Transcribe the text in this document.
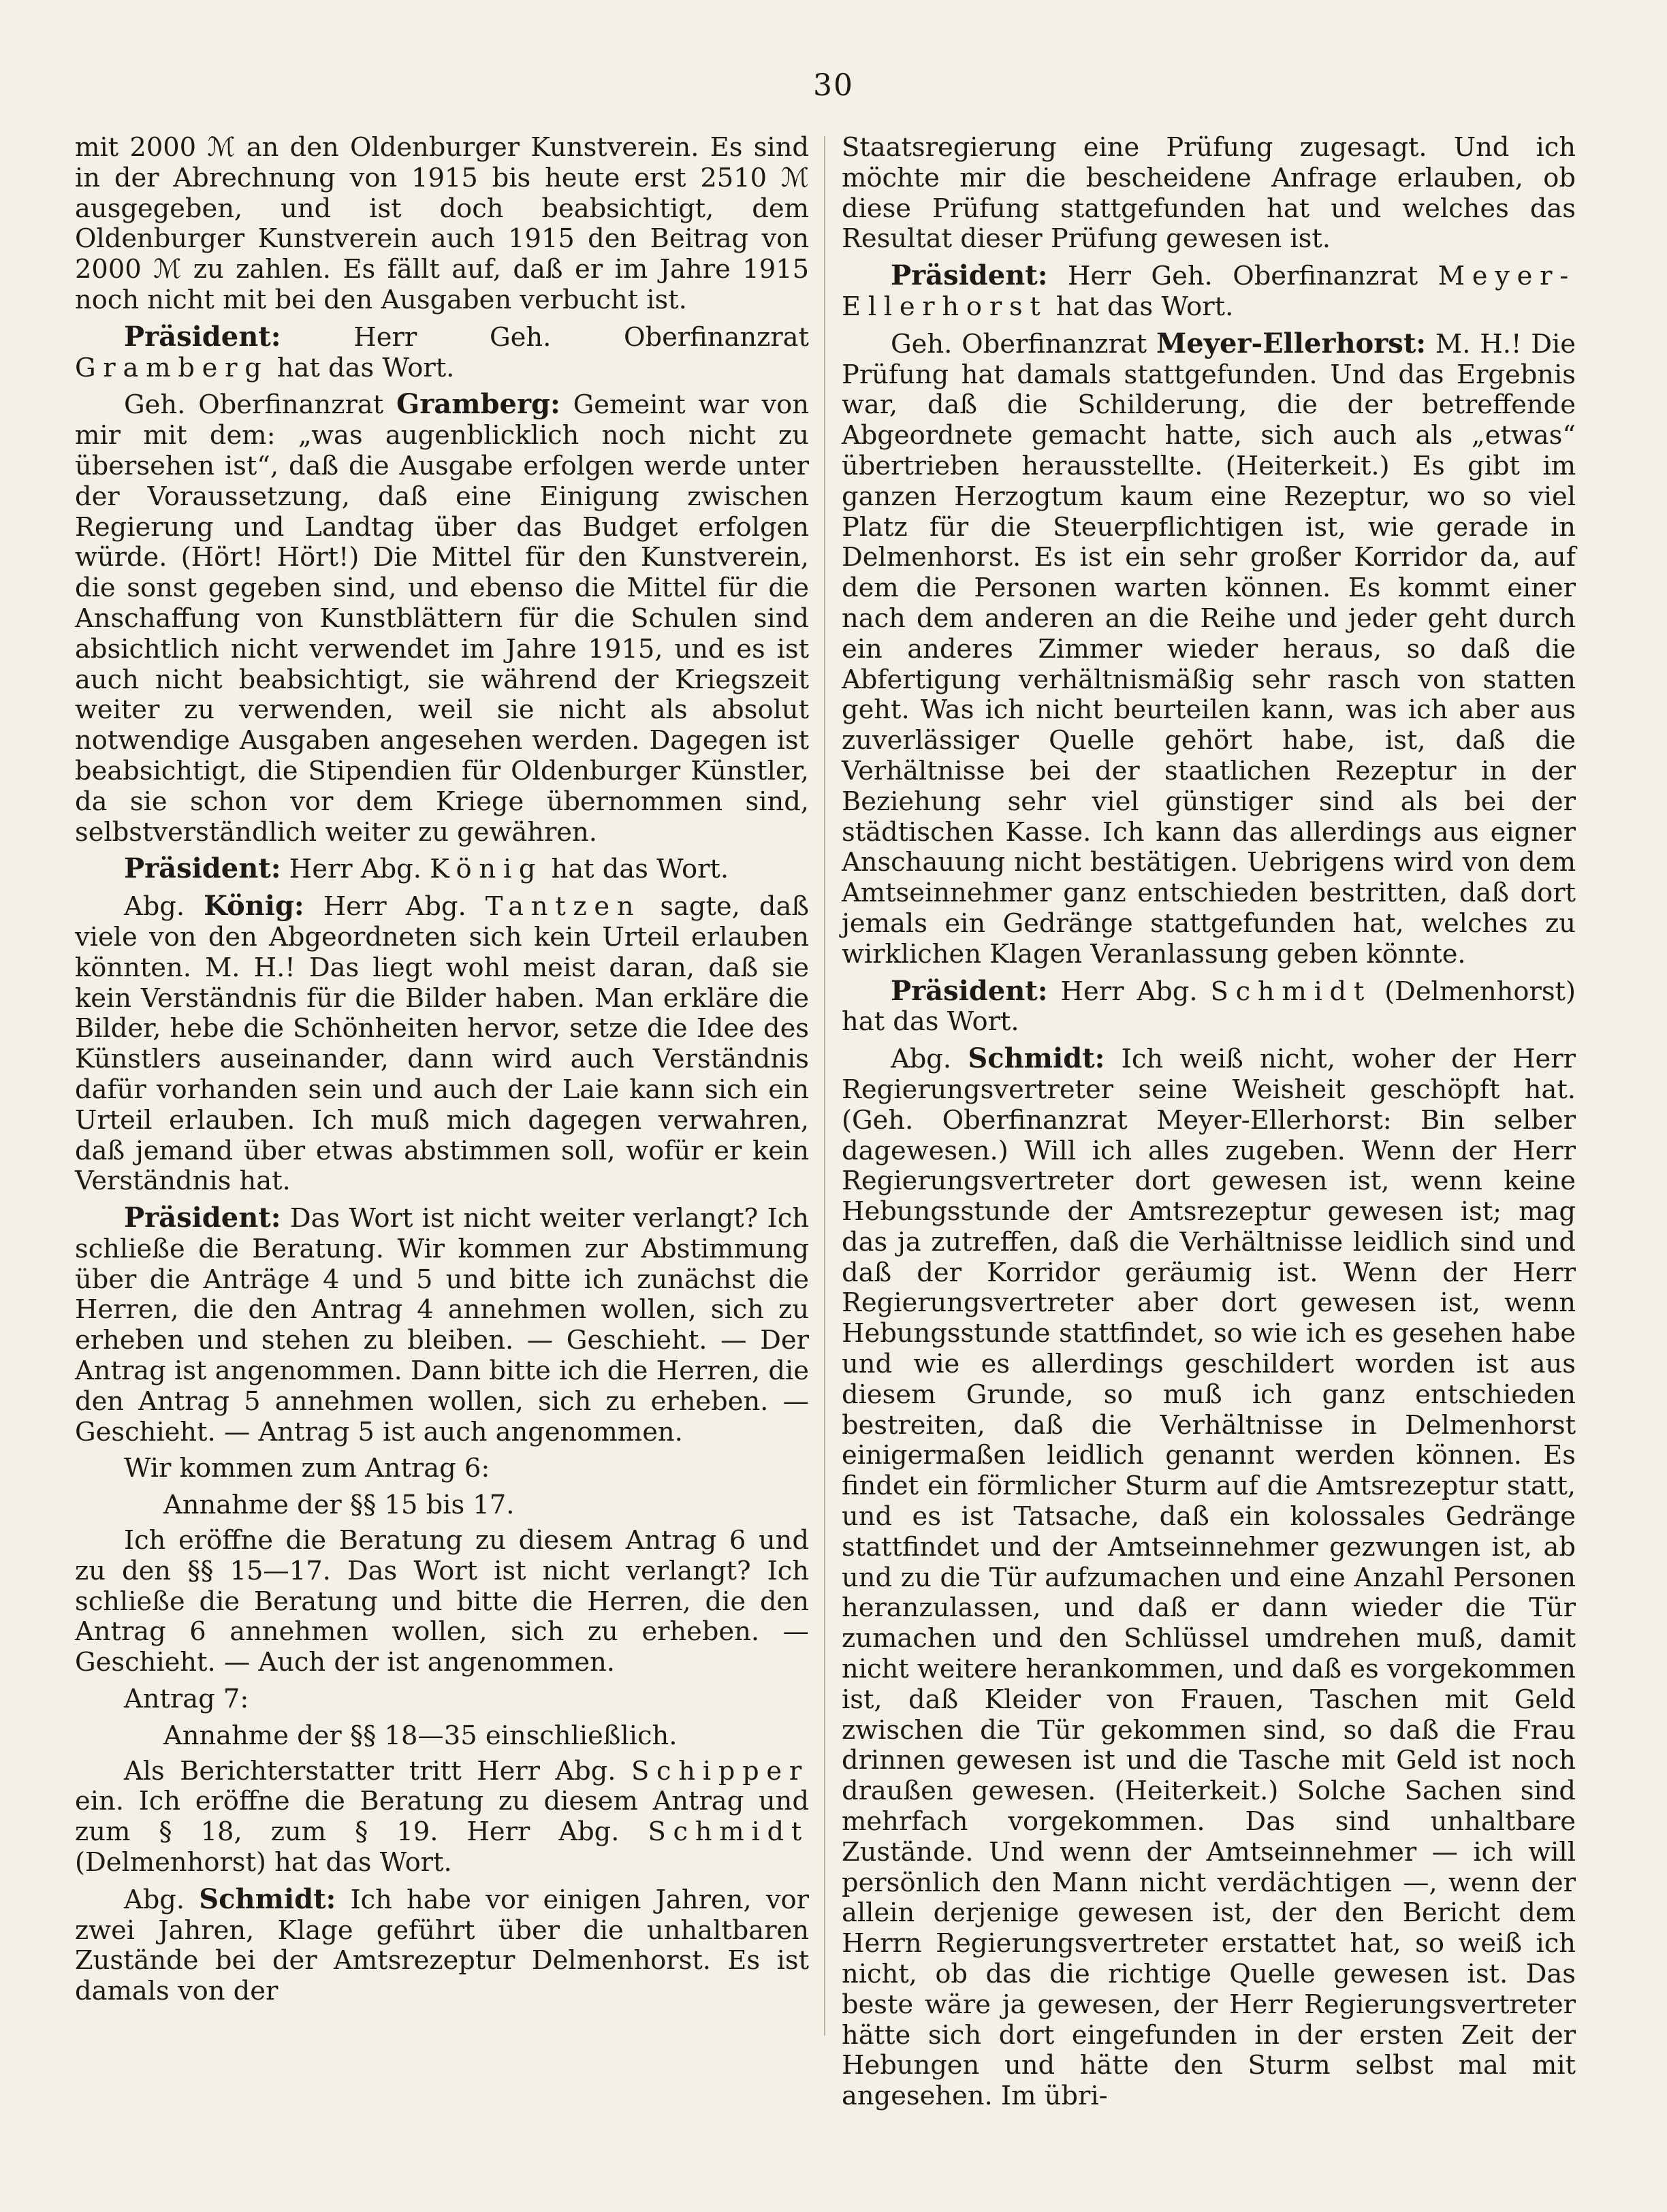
30

mit 2000 ℳ an den Oldenburger Kunstverein. Es sind in der Abrechnung von 1915 bis heute erst 2510 ℳ ausgegeben, und ist doch beabsichtigt, dem Oldenburger Kunstverein auch 1915 den Beitrag von 2000 ℳ zu zahlen. Es fällt auf, daß er im Jahre 1915 noch nicht mit bei den Ausgaben verbucht ist.

Präsident:	Herr Geh. Oberfinanzrat Gramberg hat das Wort.

Geh. Oberfinanzrat Gramberg: Gemeint war von mir mit dem: „was augenblicklich noch nicht zu übersehen ist“, daß die Ausgabe erfolgen werde unter der Voraussetzung, daß eine Einigung zwischen Regierung und Landtag über das Budget erfolgen würde. (Hört! Hört!) Die Mittel für den Kunstverein, die sonst gegeben sind, und ebenso die Mittel für die Anschaffung von Kunstblättern für die Schulen sind absichtlich nicht verwendet im Jahre 1915, und es ist auch nicht beabsichtigt, sie während der Kriegszeit weiter zu verwenden, weil sie nicht als absolut notwendige Ausgaben angesehen werden. Dagegen ist beabsichtigt, die Stipendien für Oldenburger Künstler, da sie schon vor dem Kriege übernommen sind, selbstverständlich weiter zu gewähren.

Präsident: Herr Abg. König hat das Wort.

Abg. König: Herr Abg. Tantzen sagte, daß viele von den Abgeordneten sich kein Urteil erlauben könnten. M. H.! Das liegt wohl meist daran, daß sie kein Verständnis für die Bilder haben. Man erkläre die Bilder, hebe die Schönheiten hervor, setze die Idee des Künstlers auseinander, dann wird auch Verständnis dafür vorhanden sein und auch der Laie kann sich ein Urteil erlauben. Ich muß mich dagegen verwahren, daß jemand über etwas abstimmen soll, wofür er kein Verständnis hat.

Präsident: Das Wort ist nicht weiter verlangt? Ich schließe die Beratung. Wir kommen zur Abstimmung über die Anträge 4 und 5 und bitte ich zunächst die Herren, die den Antrag 4 annehmen wollen, sich zu erheben und stehen zu bleiben. — Geschieht. — Der Antrag ist angenommen. Dann bitte ich die Herren, die den Antrag 5 annehmen wollen, sich zu erheben. — Geschieht. — Antrag 5 ist auch angenommen.

Wir kommen zum Antrag 6:

Annahme der §§ 15 bis 17.

Ich eröffne die Beratung zu diesem Antrag 6 und zu den §§ 15—17. Das Wort ist nicht verlangt? Ich schließe die Beratung und bitte die Herren, die den Antrag 6 annehmen wollen, sich zu erheben. — Geschieht. — Auch der ist angenommen.

Antrag 7:

Annahme der §§ 18—35 einschließlich.

Als Berichterstatter tritt Herr Abg. Schipper ein. Ich eröffne die Beratung zu diesem Antrag und zum § 18, zum § 19. Herr Abg. Schmidt (Delmenhorst) hat das Wort.

Abg. Schmidt: Ich habe vor einigen Jahren, vor zwei Jahren, Klage geführt über die unhaltbaren Zustände bei der Amtsrezeptur Delmenhorst. Es ist damals von der

Staatsregierung eine Prüfung zugesagt. Und ich möchte mir die bescheidene Anfrage erlauben, ob diese Prüfung stattgefunden hat und welches das Resultat dieser Prüfung gewesen ist.

Präsident: Herr Geh. Oberfinanzrat Meyer-Ellerhorst hat das Wort.

Geh. Oberfinanzrat Meyer-Ellerhorst: M. H.! Die Prüfung hat damals stattgefunden. Und das Ergebnis war, daß die Schilderung, die der betreffende Abgeordnete gemacht hatte, sich auch als „etwas“ übertrieben herausstellte. (Heiterkeit.) Es gibt im ganzen Herzogtum kaum eine Rezeptur, wo so viel Platz für die Steuerpflichtigen ist, wie gerade in Delmenhorst. Es ist ein sehr großer Korridor da, auf dem die Personen warten können. Es kommt einer nach dem anderen an die Reihe und jeder geht durch ein anderes Zimmer wieder heraus, so daß die Abfertigung verhältnismäßig sehr rasch von statten geht. Was ich nicht beurteilen kann, was ich aber aus zuverlässiger Quelle gehört habe, ist, daß die Verhältnisse bei der staatlichen Rezeptur in der Beziehung sehr viel günstiger sind als bei der städtischen Kasse. Ich kann das allerdings aus eigner Anschauung nicht bestätigen. Uebrigens wird von dem Amtseinnehmer ganz entschieden bestritten, daß dort jemals ein Gedränge stattgefunden hat, welches zu wirklichen Klagen Veranlassung geben könnte.

Präsident: Herr Abg. Schmidt (Delmenhorst) hat das Wort.

Abg. Schmidt: Ich weiß nicht, woher der Herr Regierungsvertreter seine Weisheit geschöpft hat. (Geh. Oberfinanzrat Meyer-Ellerhorst: Bin selber dagewesen.) Will ich alles zugeben. Wenn der Herr Regierungsvertreter dort gewesen ist, wenn keine Hebungsstunde der Amtsrezeptur gewesen ist; mag das ja zutreffen, daß die Verhältnisse leidlich sind und daß der Korridor geräumig ist. Wenn der Herr Regierungsvertreter aber dort gewesen ist, wenn Hebungsstunde stattfindet, so wie ich es gesehen habe und wie es allerdings geschildert worden ist aus diesem Grunde, so muß ich ganz entschieden bestreiten, daß die Verhältnisse in Delmenhorst einigermaßen leidlich genannt werden können. Es findet ein förmlicher Sturm auf die Amtsrezeptur statt, und es ist Tatsache, daß ein kolossales Gedränge stattfindet und der Amtseinnehmer gezwungen ist, ab und zu die Tür aufzumachen und eine Anzahl Personen heranzulassen, und daß er dann wieder die Tür zumachen und den Schlüssel umdrehen muß, damit nicht weitere herankommen, und daß es vorgekommen ist, daß Kleider von Frauen, Taschen mit Geld zwischen die Tür gekommen sind, so daß die Frau drinnen gewesen ist und die Tasche mit Geld ist noch draußen gewesen. (Heiterkeit.) Solche Sachen sind mehrfach vorgekommen. Das sind unhaltbare Zustände. Und wenn der Amtseinnehmer — ich will persönlich den Mann nicht verdächtigen —, wenn der allein derjenige gewesen ist, der den Bericht dem Herrn Regierungsvertreter erstattet hat, so weiß ich nicht, ob das die richtige Quelle gewesen ist. Das beste wäre ja gewesen, der Herr Regierungsvertreter hätte sich dort eingefunden in der ersten Zeit der Hebungen und hätte den Sturm selbst mal mit angesehen. Im übri-
